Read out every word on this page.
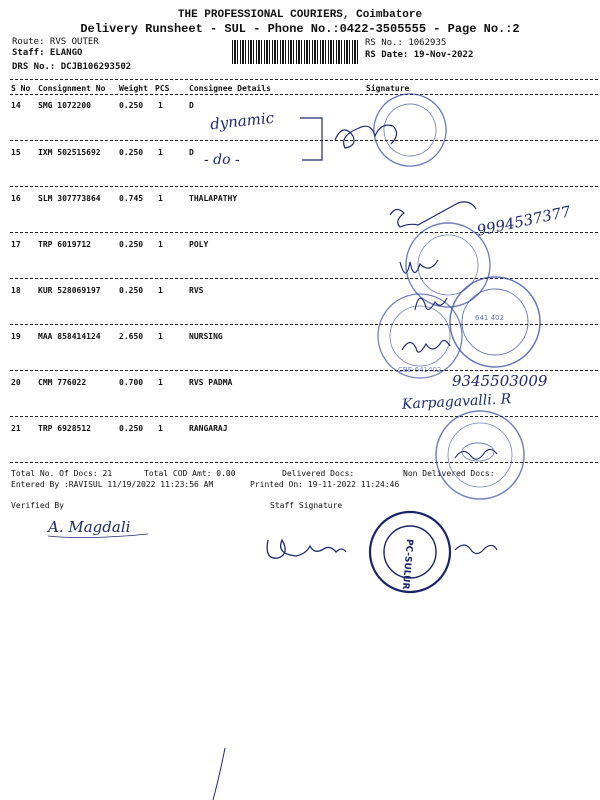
THE PROFESSIONAL COURIERS, Coimbatore
Delivery Runsheet - SUL - Phone No.:0422-3505555 - Page No.:2
Route: RVS OUTER
Staff: ELANGO
DRS No.: DCJB106293502
RS No.: 1062935
RS Date: 19-Nov-2022
S No Consignment No Weight PCS Consignee Details	Signature
14 SMG 1072200	0.250 1	D
15 IXM 502515692 0.250 1	D
16 SLM 307773864 0.745 1	THALAPATHY
17 TRP 6019712	0.250 1	POLY
18 KUR 528069197 0.250 1	RVS
19 MAA 858414124 2.650 1	NURSING
20 CMM 776022	0.700 1	RVS PADMA
21 TRP 6928512	0.250 1	RANGARAJ
Total No. Of Docs: 21	Total COD Amt: 0.00	Delivered Docs:	Non Delivered Docs:
Entered By :RAVISUL 11/19/2022 11:23:56 AM	Printed On: 19-11-2022 11:24:46
Verified By	Staff Signature
dynamic
- do -
9994537377
9345503009
Karpagavalli. R
A. Magdali
641 402
CBE-641402
PC-SULUR
